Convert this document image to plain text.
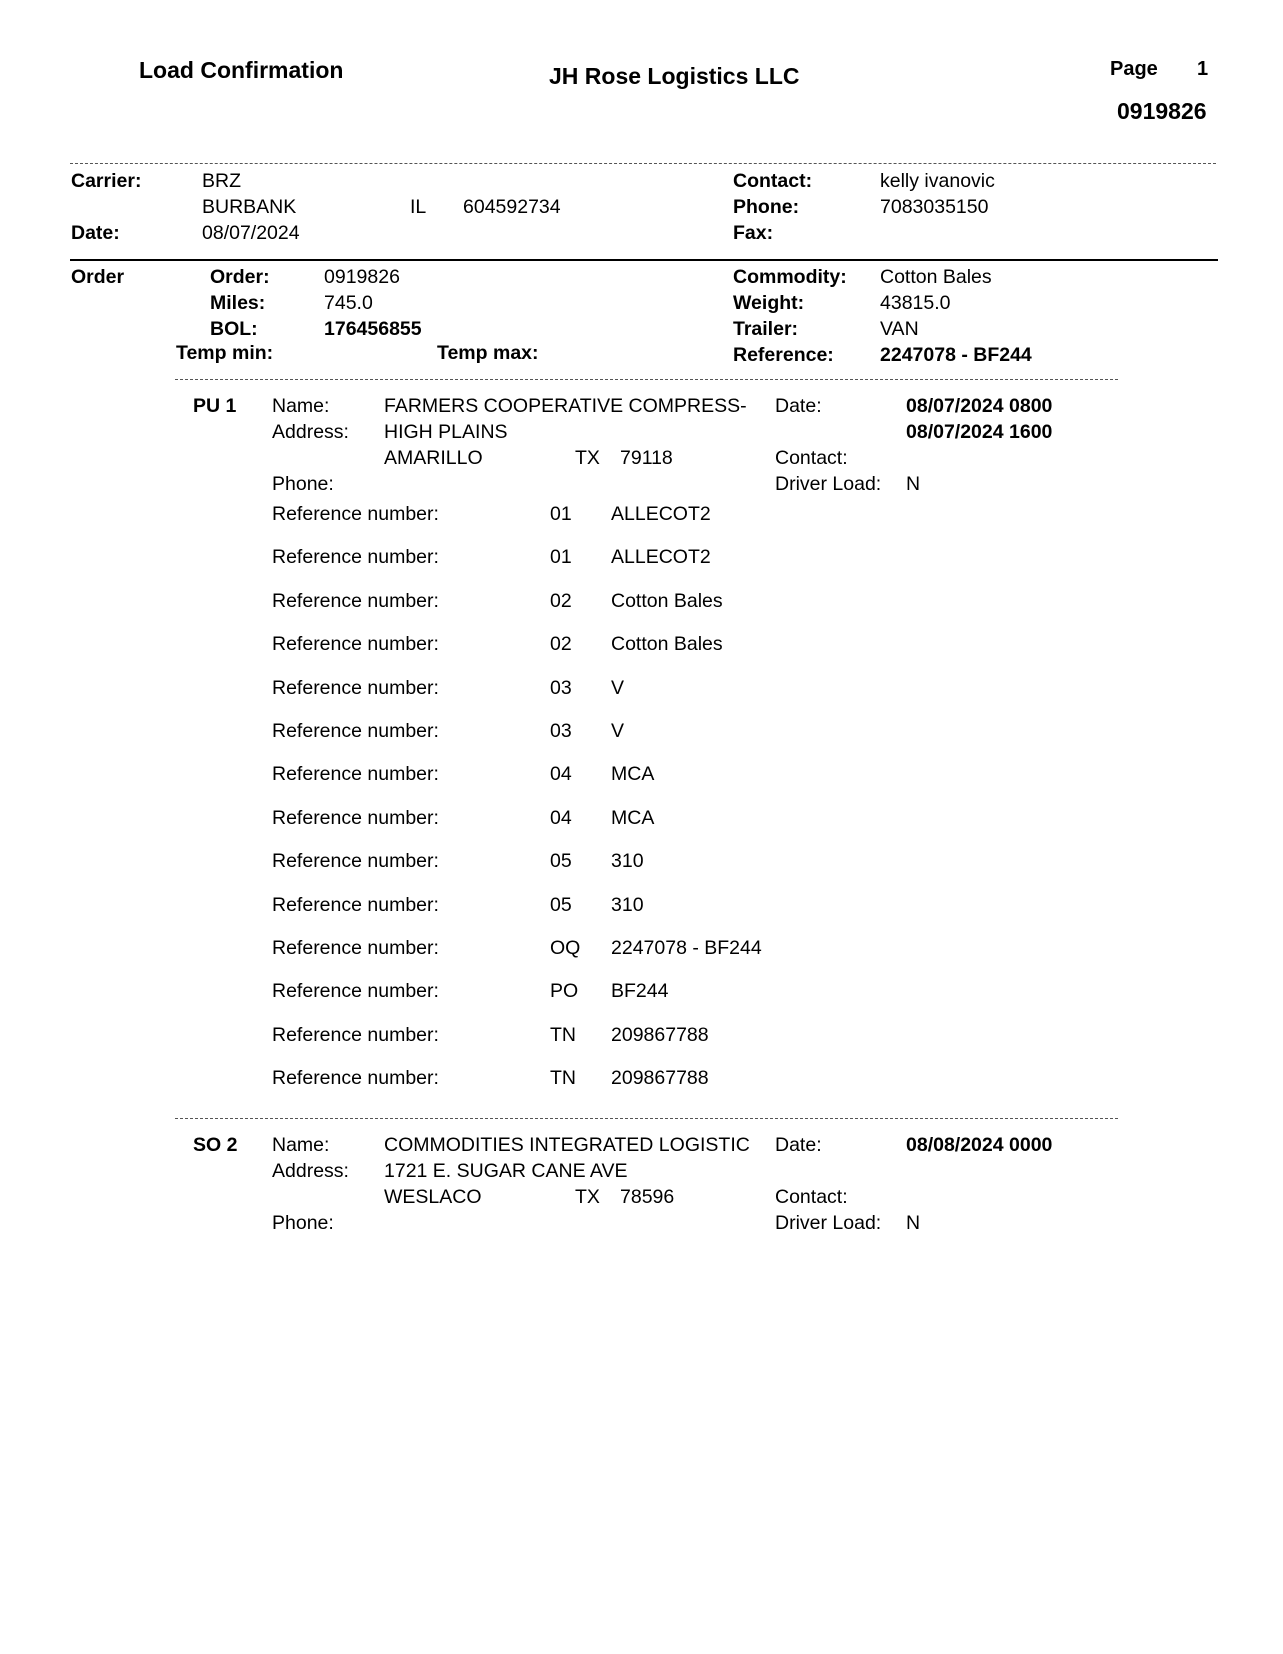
Load Confirmation	JH Rose Logistics LLC	Page 1
0919826
Carrier:	BRZ
BURBANK	IL 604592734
Date:	08/07/2024
Contact:	kelly ivanovic
Phone:	7083035150
Fax:
Order	Order:	0919826
Miles:	745.0
BOL:	176456855
Temp min:	Temp max:
Commodity: Cotton Bales
Weight:	43815.0
Trailer:	VAN
Reference: 2247078 - BF244
PU 1 Name:	FARMERS COOPERATIVE COMPRESS- Date:	08/07/2024 0800
Address: HIGH PLAINS	08/07/2024 1600
AMARILLO	TX 79118	Contact:
Phone:	Driver Load: N
Reference number:	01 ALLECOT2
Reference number:	01 ALLECOT2
Reference number:	02 Cotton Bales
Reference number:	02 Cotton Bales
Reference number:	03 V
Reference number:	03 V
Reference number:	04 MCA
Reference number:	04 MCA
Reference number:	05 310
Reference number:	05 310
Reference number:	OQ 2247078 - BF244
Reference number:	PO BF244
Reference number:	TN 209867788
Reference number:	TN 209867788
SO 2 Name:	COMMODITIES INTEGRATED LOGISTIC Date:	08/08/2024 0000
Address: 1721 E. SUGAR CANE AVE
WESLACO	TX 78596	Contact:
Phone:	Driver Load: N
